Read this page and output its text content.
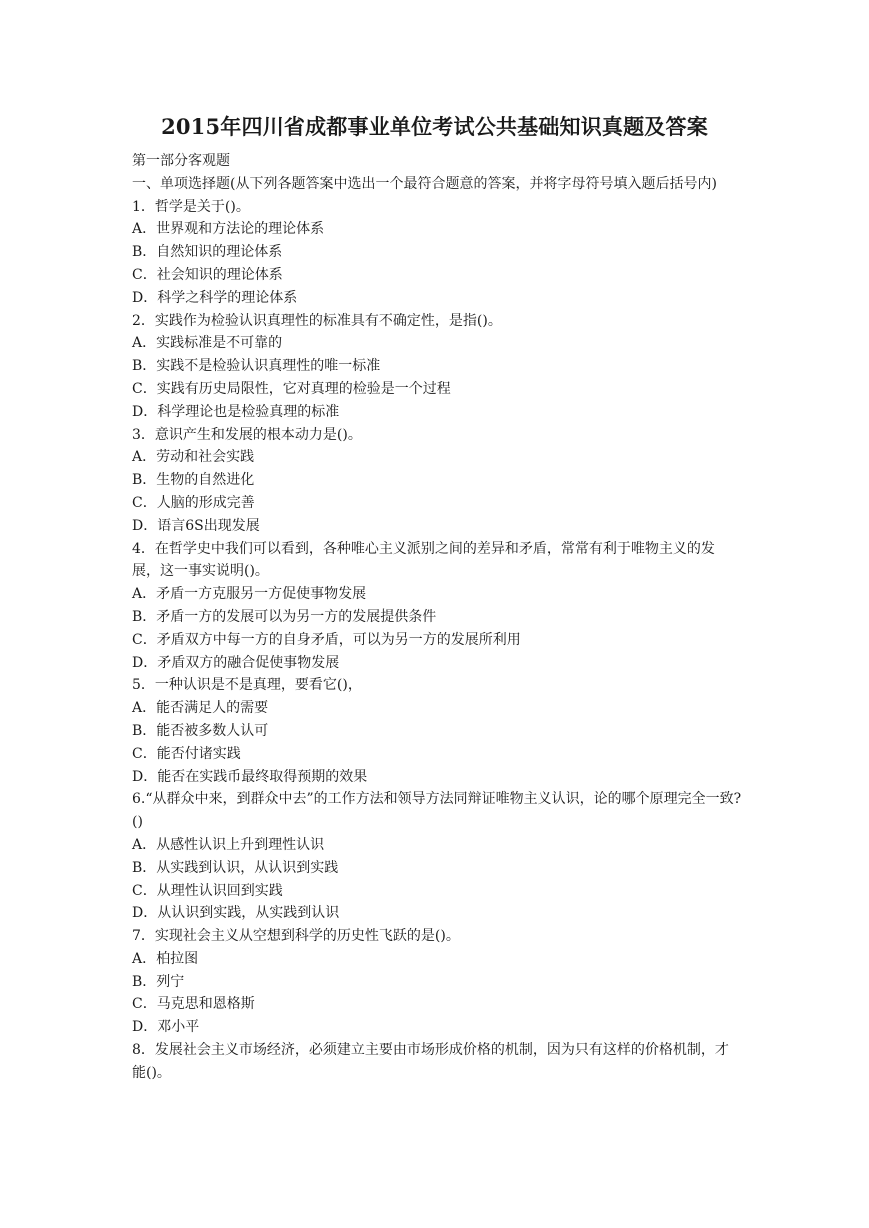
2015年四川省成都事业单位考试公共基础知识真题及答案

第一部分客观题

一、单项选择题(从下列各题答案中选出一个最符合题意的答案，并将字母符号填入题后括号内)

1．哲学是关于()。

A．世界观和方法论的理论体系

B．自然知识的理论体系

C．社会知识的理论体系

D．科学之科学的理论体系

2．实践作为检验认识真理性的标准具有不确定性，是指()。

A．实践标准是不可靠的

B．实践不是检验认识真理性的唯一标准

C．实践有历史局限性，它对真理的检验是一个过程

D．科学理论也是检验真理的标准

3．意识产生和发展的根本动力是()。

A．劳动和社会实践

B．生物的自然进化

C．人脑的形成完善

D．语言6S出现发展

4．在哲学史中我们可以看到，各种唯心主义派别之间的差异和矛盾，常常有利于唯物主义的发展，这一事实说明()。

A．矛盾一方克服另一方促使事物发展

B．矛盾一方的发展可以为另一方的发展提供条件

C．矛盾双方中每一方的自身矛盾，可以为另一方的发展所利用

D．矛盾双方的融合促使事物发展

5．一种认识是不是真理，要看它()，

A．能否满足人的需要

B．能否被多数人认可

C．能否付诸实践

D．能否在实践币最终取得预期的效果

6.“从群众中来，到群众中去”的工作方法和领导方法同辩证唯物主义认识，论的哪个原理完全一致?()

A．从感性认识上升到理性认识

B．从实践到认识，从认识到实践

C．从理性认识回到实践

D．从认识到实践，从实践到认识

7．实现社会主义从空想到科学的历史性飞跃的是()。

A．柏拉图

B．列宁

C．马克思和恩格斯

D．邓小平

8．发展社会主义市场经济，必须建立主要由市场形成价格的机制，因为只有这样的价格机制，才能()。
